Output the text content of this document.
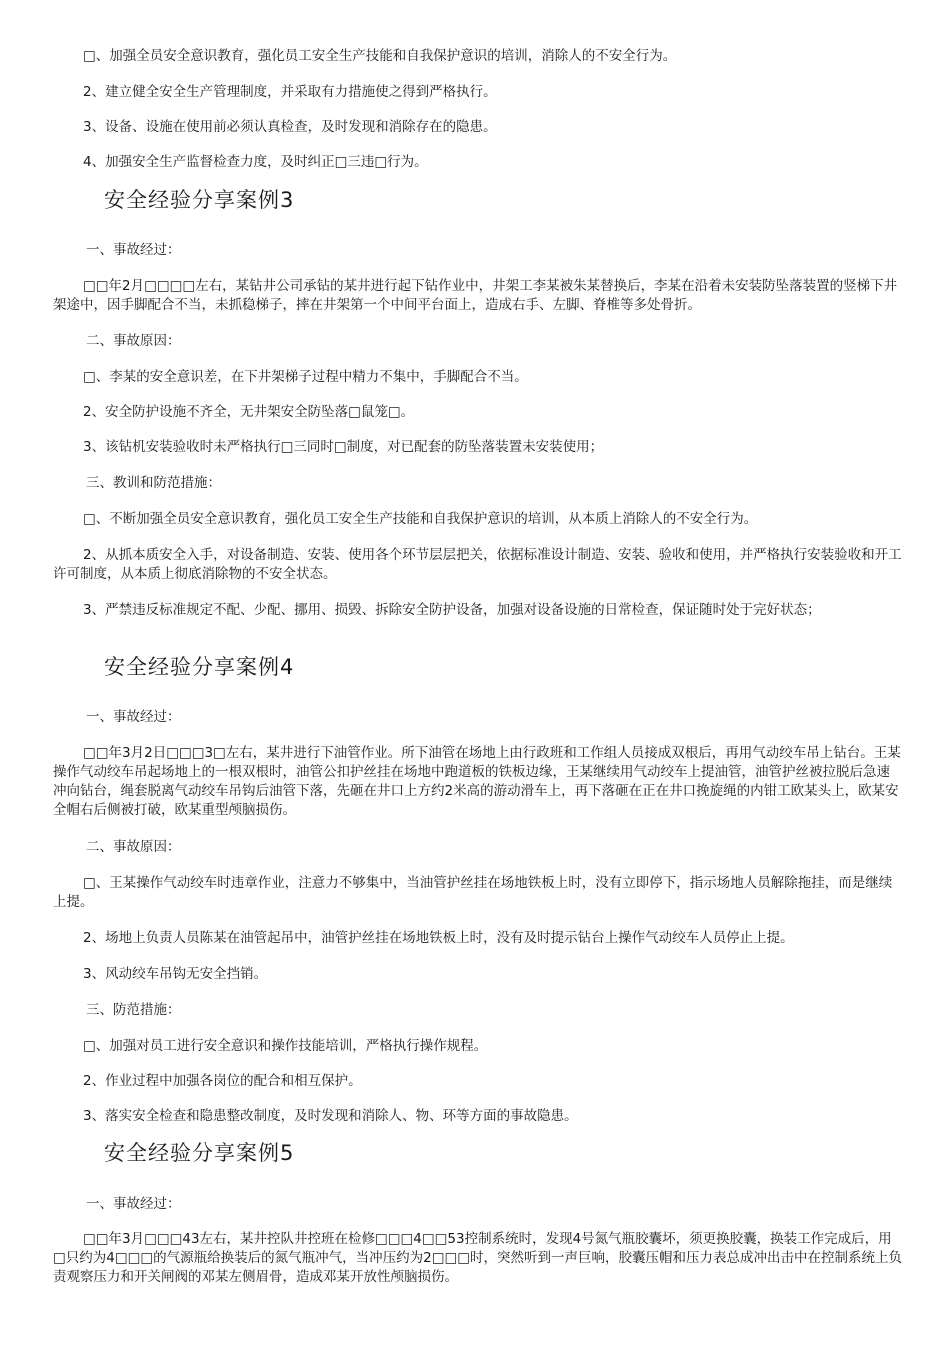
□、加强全员安全意识教育，强化员工安全生产技能和自我保护意识的培训，消除人的不安全行为。

2、建立健全安全生产管理制度，并采取有力措施使之得到严格执行。

3、设备、设施在使用前必须认真检查，及时发现和消除存在的隐患。

4、加强安全生产监督检查力度，及时纠正□三违□行为。

安全经验分享案例3

一、事故经过：

□□年2月□□□□左右，某钻井公司承钻的某井进行起下钻作业中，井架工李某被朱某替换后，李某在沿着未安装防坠落装置的竖梯下井架途中，因手脚配合不当，未抓稳梯子，摔在井架第一个中间平台面上，造成右手、左脚、脊椎等多处骨折。

二、事故原因：

□、李某的安全意识差，在下井架梯子过程中精力不集中，手脚配合不当。

2、安全防护设施不齐全，无井架安全防坠落□鼠笼□。

3、该钻机安装验收时未严格执行□三同时□制度，对已配套的防坠落装置未安装使用；

三、教训和防范措施：

□、不断加强全员安全意识教育，强化员工安全生产技能和自我保护意识的培训，从本质上消除人的不安全行为。

2、从抓本质安全入手，对设备制造、安装、使用各个环节层层把关，依据标准设计制造、安装、验收和使用，并严格执行安装验收和开工许可制度，从本质上彻底消除物的不安全状态。

3、严禁违反标准规定不配、少配、挪用、损毁、拆除安全防护设备，加强对设备设施的日常检查，保证随时处于完好状态；

安全经验分享案例4

一、事故经过：

□□年3月2日□□□3□左右，某井进行下油管作业。所下油管在场地上由行政班和工作组人员接成双根后，再用气动绞车吊上钻台。王某操作气动绞车吊起场地上的一根双根时，油管公扣护丝挂在场地中跑道板的铁板边缘，王某继续用气动绞车上提油管，油管护丝被拉脱后急速冲向钻台，绳套脱离气动绞车吊钩后油管下落，先砸在井口上方约2米高的游动滑车上，再下落砸在正在井口挽旋绳的内钳工欧某头上，欧某安全帽右后侧被打破，欧某重型颅脑损伤。

二、事故原因：

□、王某操作气动绞车时违章作业，注意力不够集中，当油管护丝挂在场地铁板上时，没有立即停下，指示场地人员解除拖挂，而是继续上提。

2、场地上负责人员陈某在油管起吊中，油管护丝挂在场地铁板上时，没有及时提示钻台上操作气动绞车人员停止上提。

3、风动绞车吊钩无安全挡销。

三、防范措施：

□、加强对员工进行安全意识和操作技能培训，严格执行操作规程。

2、作业过程中加强各岗位的配合和相互保护。

3、落实安全检查和隐患整改制度，及时发现和消除人、物、环等方面的事故隐患。

安全经验分享案例5

一、事故经过：

□□年3月□□□43左右，某井控队井控班在检修□□□4□□53控制系统时，发现4号氮气瓶胶囊坏，须更换胶囊，换装工作完成后，用□只约为4□□□的气源瓶给换装后的氮气瓶冲气，当冲压约为2□□□时，突然听到一声巨响，胶囊压帽和压力表总成冲出击中在控制系统上负责观察压力和开关闸阀的邓某左侧眉骨，造成邓某开放性颅脑损伤。
